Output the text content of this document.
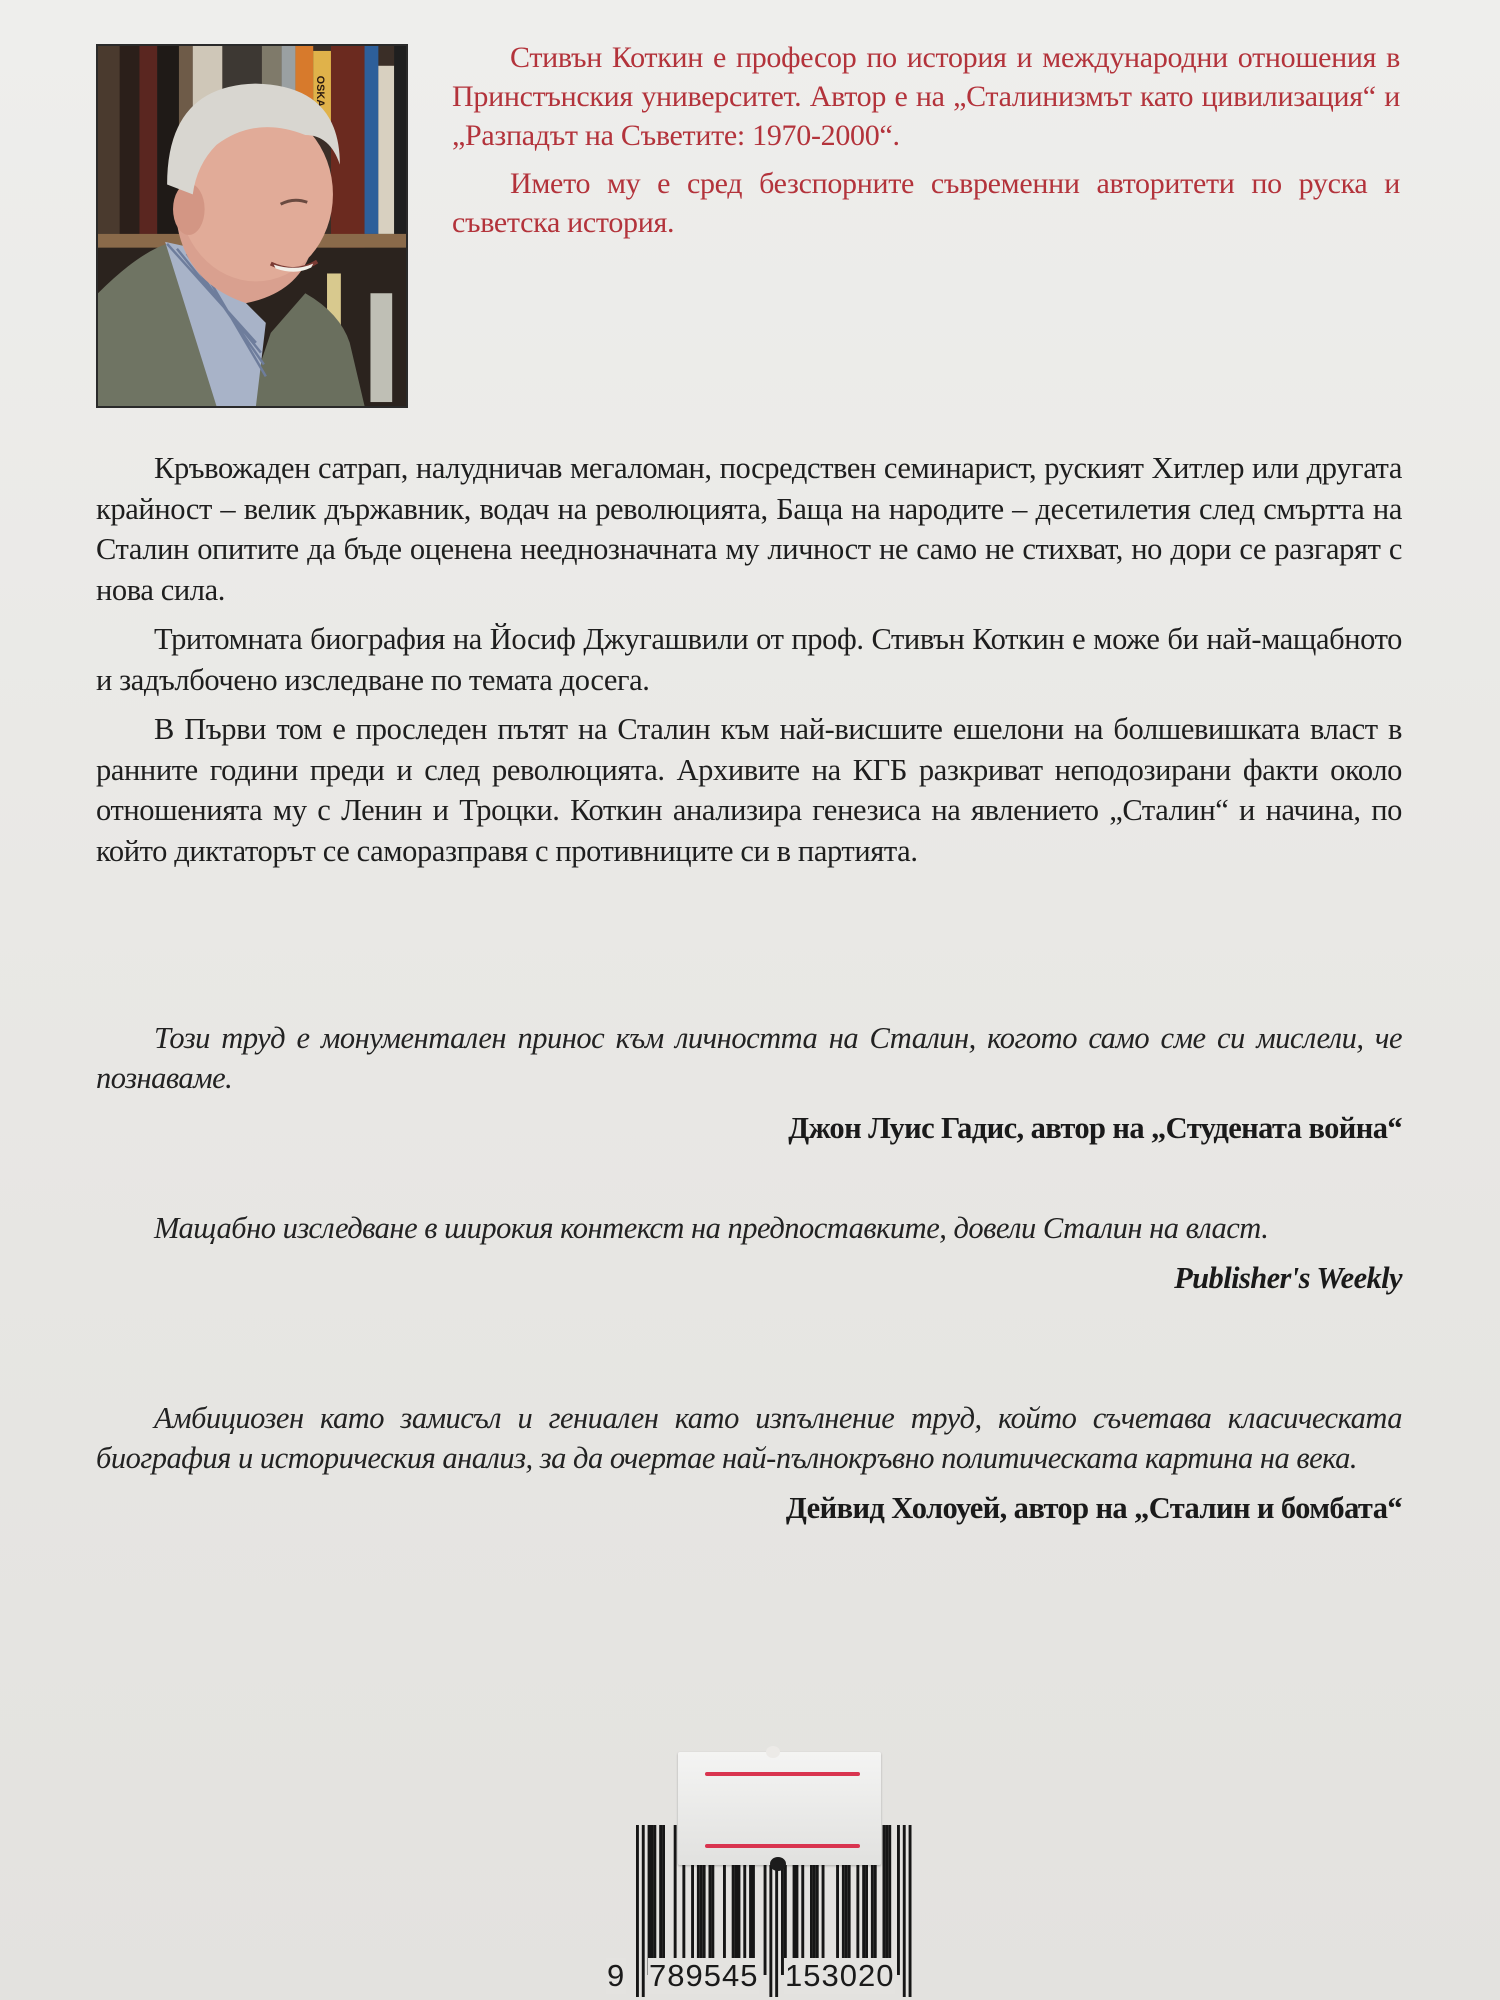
OSKA

Стивън Коткин е професор по история и международни отношения в Принстънския университет. Автор е на „Сталинизмът като цивилизация“ и „Разпадът на Съветите: 1970-2000“.

Името му е сред безспорните съвременни авторитети по руска и съветска история.

Кръвожаден сатрап, налудничав мегаломан, посредствен семинарист, руският Хитлер или другата крайност – велик държавник, водач на революцията, Баща на народите – десетилетия след смъртта на Сталин опитите да бъде оценена нееднозначната му личност не само не стихват, но дори се разгарят с нова сила.

Тритомната биография на Йосиф Джугашвили от проф. Стивън Коткин е може би най-мащабното и задълбочено изследване по темата досега.

В Първи том е проследен пътят на Сталин към най-висшите ешелони на болшевишката власт в ранните години преди и след революцията. Архивите на КГБ разкриват неподозирани факти около отношенията му с Ленин и Троцки. Коткин анализира генезиса на явлението „Сталин“ и начина, по който диктаторът се саморазправя с противниците си в партията.

Този труд е монументален принос към личността на Сталин, когото само сме си мислели, че познаваме.

Джон Луис Гадис, автор на „Студената война“

Мащабно изследване в широкия контекст на предпоставките, довели Сталин на власт.

Publisher's Weekly

Амбициозен като замисъл и гениален като изпълнение труд, който съчетава класическата биография и историческия анализ, за да очертае най-пълнокръвно политическата картина на века.

Дейвид Холоуей, автор на „Сталин и бомбата“

9 789545 153020
